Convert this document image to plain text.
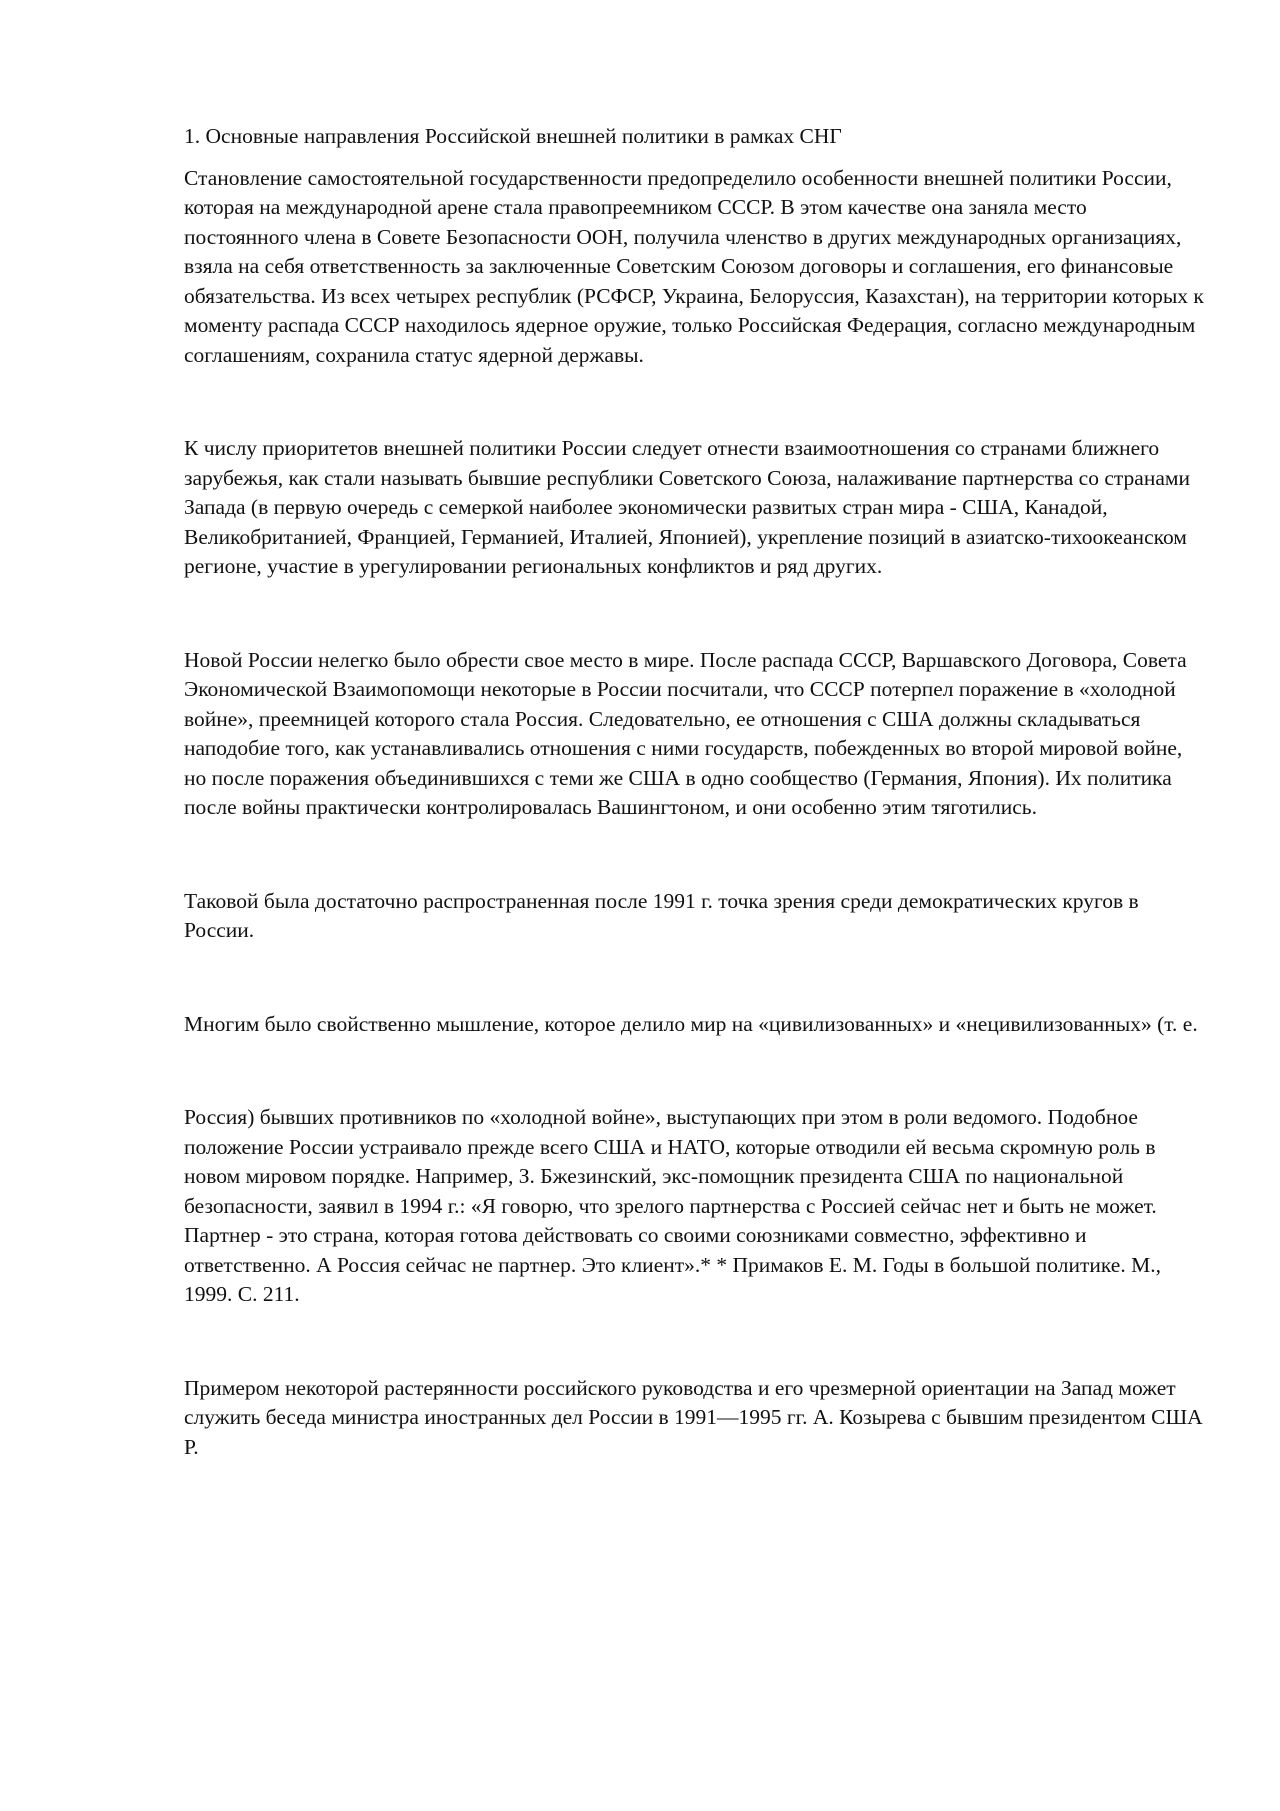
1. Основные направления Российской внешней политики в рамках СНГ

Становление самостоятельной государственности предопределило особенности внешней политики России, которая на международной арене стала правопреемником СССР. В этом качестве она заняла место постоянного члена в Совете Безопасности ООН, получила членство в других международных организациях, взяла на себя ответственность за заключенные Советским Союзом договоры и соглашения, его финансовые обязательства. Из всех четырех республик (РСФСР, Украина, Белоруссия, Казахстан), на территории которых к моменту распада СССР находилось ядерное оружие, только Российская Федерация, согласно международным соглашениям, сохранила статус ядерной державы.

К числу приоритетов внешней политики России следует отнести взаимоотношения со странами ближнего зарубежья, как стали называть бывшие республики Советского Союза, налаживание партнерства со странами Запада (в первую очередь с семеркой наиболее экономически развитых стран мира - США, Канадой, Великобританией, Францией, Германией, Италией, Японией), укрепление позиций в азиатско-тихоокеанском регионе, участие в урегулировании региональных конфликтов и ряд других.

Новой России нелегко было обрести свое место в мире. После распада СССР, Варшавского Договора, Совета Экономической Взаимопомощи некоторые в России посчитали, что СССР потерпел поражение в «холодной войне», преемницей которого стала Россия. Следовательно, ее отношения с США должны складываться наподобие того, как устанавливались отношения с ними государств, побежденных во второй мировой войне, но после поражения объединившихся с теми же США в одно сообщество (Германия, Япония). Их политика после войны практически контролировалась Вашингтоном, и они особенно этим тяготились.

Таковой была достаточно распространенная после 1991 г. точка зрения среди демократических кругов в России.

Многим было свойственно мышление, которое делило мир на «цивилизованных» и «нецивилизованных» (т. е.

Россия) бывших противников по «холодной войне», выступающих при этом в роли ведомого. Подобное положение России устраивало прежде всего США и НАТО, которые отводили ей весьма скромную роль в новом мировом порядке. Например, З. Бжезинский, экс-помощник президента США по национальной безопасности, заявил в 1994 г.: «Я говорю, что зрелого партнерства с Россией сейчас нет и быть не может. Партнер - это страна, которая готова действовать со своими союзниками совместно, эффективно и ответственно. А Россия сейчас не партнер. Это клиент».* * Примаков Е. М. Годы в большой политике. М., 1999. С. 211.

Примером некоторой растерянности российского руководства и его чрезмерной ориентации на Запад может служить беседа министра иностранных дел России в 1991—1995 гг. А. Козырева с бывшим президентом США Р.
